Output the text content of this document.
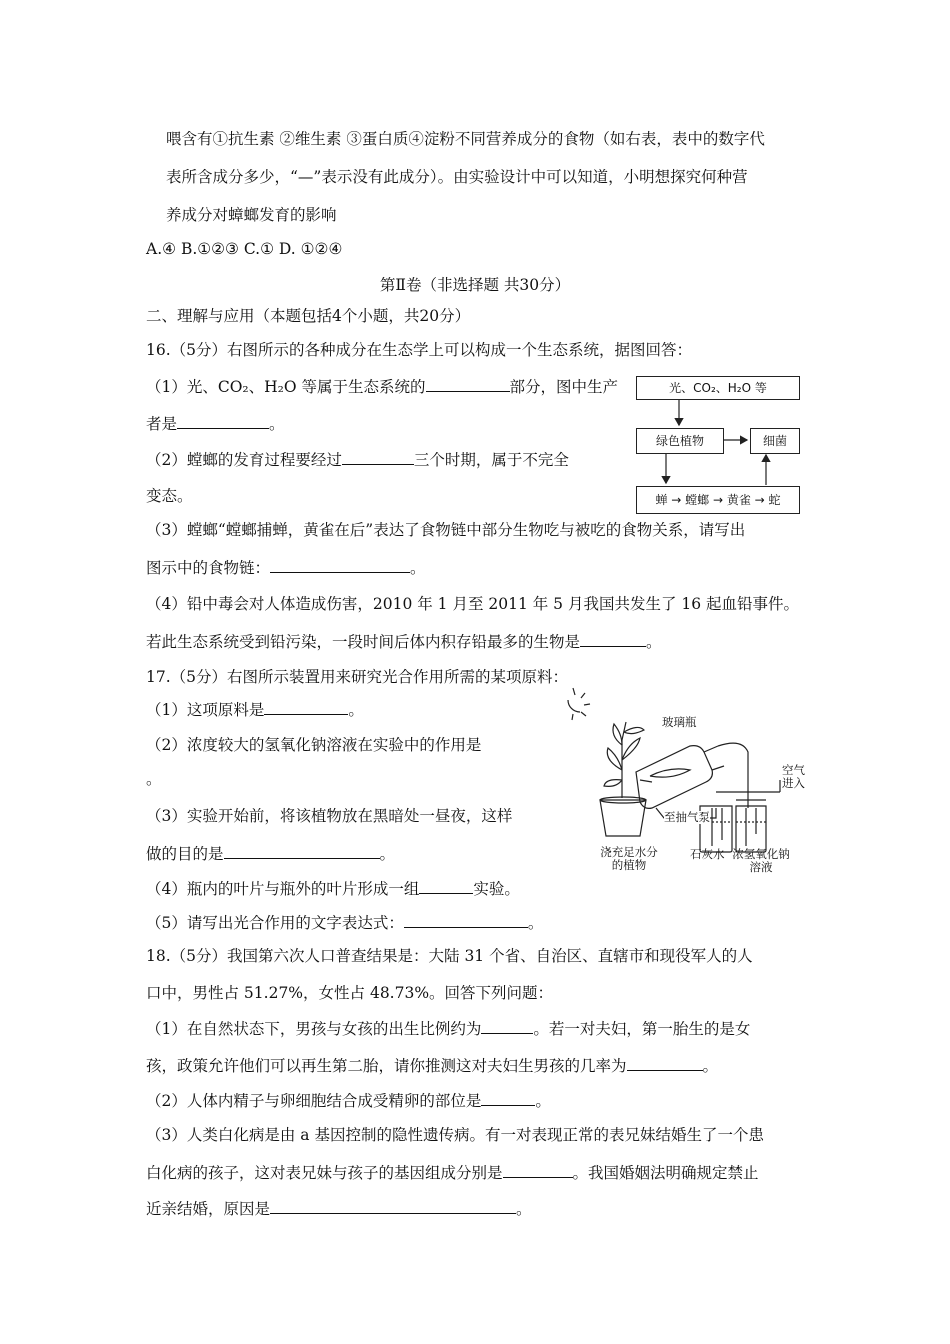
喂含有①抗生素 ②维生素 ③蛋白质④淀粉不同营养成分的食物（如右表，表中的数字代
表所含成分多少，“—”表示没有此成分）。由实验设计中可以知道，小明想探究何种营
养成分对蟑螂发育的影响
A.④ B.①②③ C.① D. ①②④
第Ⅱ卷（非选择题 共30分）
二、理解与应用（本题包括4个小题，共20分）
16.（5分）右图所示的各种成分在生态学上可以构成一个生态系统，据图回答：
（1）光、CO₂、H₂O 等属于生态系统的	部分，图中生产
者是	。
（2）螳螂的发育过程要经过	三个时期，属于不完全
变态。
（3）螳螂“螳螂捕蝉，黄雀在后”表达了食物链中部分生物吃与被吃的食物关系，请写出
图示中的食物链：	。
（4）铅中毒会对人体造成伤害，2010 年 1 月至 2011 年 5 月我国共发生了 16 起血铅事件。
若此生态系统受到铅污染，一段时间后体内积存铅最多的生物是	。
光、CO₂、H₂O 等
绿色植物	细菌
蝉 → 螳螂 → 黄雀 → 蛇
17.（5分）右图所示装置用来研究光合作用所需的某项原料：
（1）这项原料是	。
（2）浓度较大的氢氧化钠溶液在实验中的作用是
。
（3）实验开始前，将该植物放在黑暗处一昼夜，这样
做的目的是	。
（4）瓶内的叶片与瓶外的叶片形成一组	实验。
（5）请写出光合作用的文字表达式：	。
玻璃瓶
空气
进入
至抽气泵
浇充足水分
的植物
石灰水 浓氢氧化钠
溶液
18.（5分）我国第六次人口普查结果是：大陆 31 个省、自治区、直辖市和现役军人的人
口中，男性占 51.27%，女性占 48.73%。回答下列问题：
（1）在自然状态下，男孩与女孩的出生比例约为	。若一对夫妇，第一胎生的是女
孩，政策允许他们可以再生第二胎，请你推测这对夫妇生男孩的几率为	。
（2）人体内精子与卵细胞结合成受精卵的部位是	。
（3）人类白化病是由 a 基因控制的隐性遗传病。有一对表现正常的表兄妹结婚生了一个患
白化病的孩子，这对表兄妹与孩子的基因组成分别是	。我国婚姻法明确规定禁止
近亲结婚，原因是	。
